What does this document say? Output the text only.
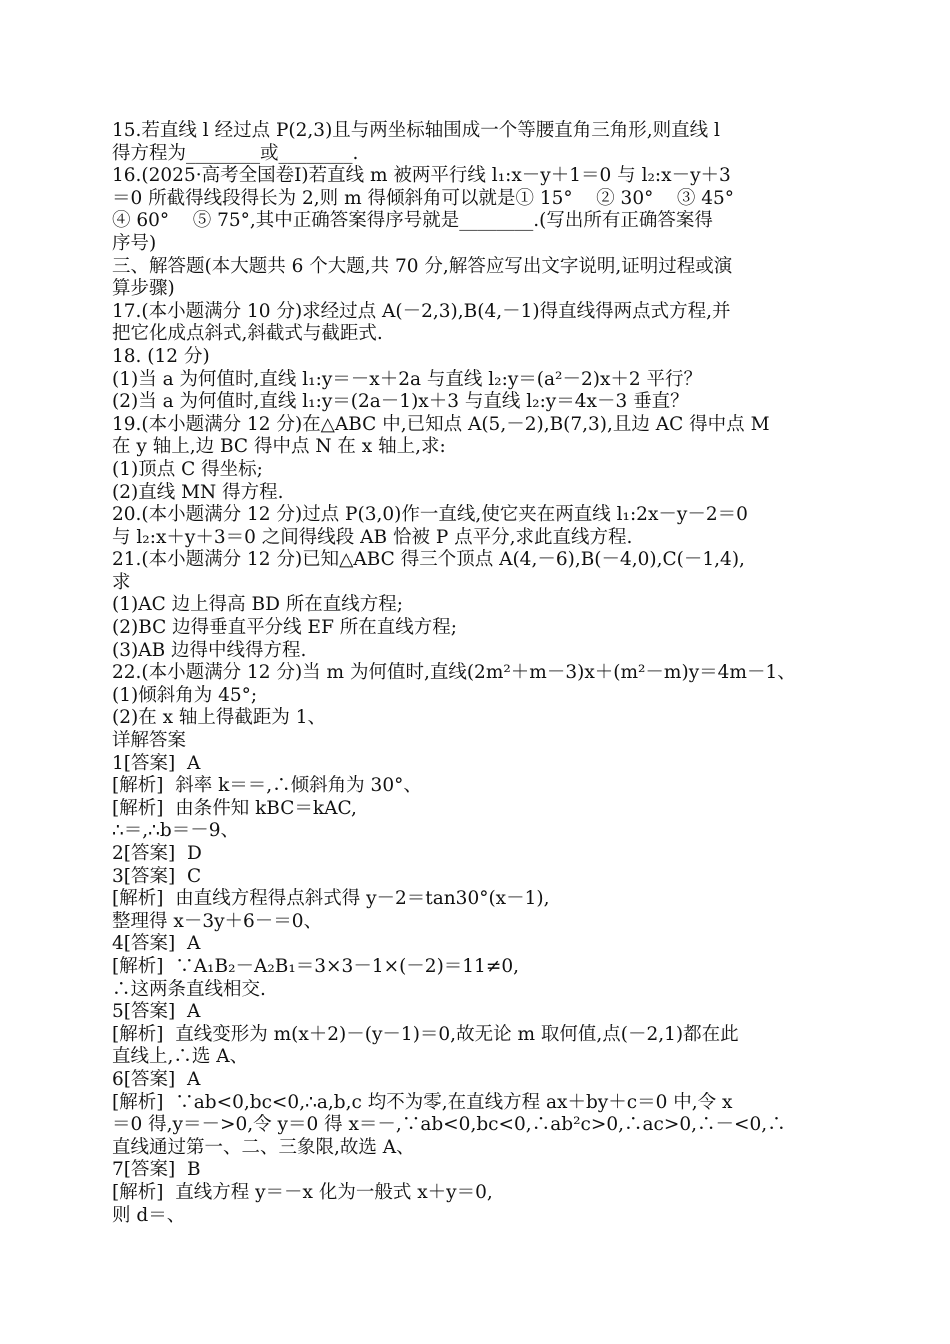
15.若直线 l 经过点 P(2,3)且与两坐标轴围成一个等腰直角三角形,则直线 l
得方程为________或________.
16.(2025·高考全国卷Ⅰ)若直线 m 被两平行线 l₁:x－y＋1＝0 与 l₂:x－y＋3
＝0 所截得线段得长为 2,则 m 得倾斜角可以就是① 15°    ② 30°    ③ 45°
④ 60°    ⑤ 75°,其中正确答案得序号就是________.(写出所有正确答案得
序号)
三、解答题(本大题共 6 个大题,共 70 分,解答应写出文字说明,证明过程或演
算步骤)
17.(本小题满分 10 分)求经过点 A(－2,3),B(4,－1)得直线得两点式方程,并
把它化成点斜式,斜截式与截距式.
18. (12 分)
(1)当 a 为何值时,直线 l₁:y＝－x＋2a 与直线 l₂:y＝(a²－2)x＋2 平行？
(2)当 a 为何值时,直线 l₁:y＝(2a－1)x＋3 与直线 l₂:y＝4x－3 垂直？
19.(本小题满分 12 分)在△ABC 中,已知点 A(5,－2),B(7,3),且边 AC 得中点 M
在 y 轴上,边 BC 得中点 N 在 x 轴上,求:
(1)顶点 C 得坐标;
(2)直线 MN 得方程.
20.(本小题满分 12 分)过点 P(3,0)作一直线,使它夹在两直线 l₁:2x－y－2＝0
与 l₂:x＋y＋3＝0 之间得线段 AB 恰被 P 点平分,求此直线方程.
21.(本小题满分 12 分)已知△ABC 得三个顶点 A(4,－6),B(－4,0),C(－1,4),
求
(1)AC 边上得高 BD 所在直线方程;
(2)BC 边得垂直平分线 EF 所在直线方程;
(3)AB 边得中线得方程.
22.(本小题满分 12 分)当 m 为何值时,直线(2m²＋m－3)x＋(m²－m)y＝4m－1、
(1)倾斜角为 45°;
(2)在 x 轴上得截距为 1、
详解答案
1[答案]  A
[解析]  斜率 k＝＝,∴倾斜角为 30°、
[解析]  由条件知 kBC＝kAC,
∴＝,∴b＝－9、
2[答案]  D
3[答案]  C
[解析]  由直线方程得点斜式得 y－2＝tan30°(x－1),
整理得 x－3y＋6－＝0、
4[答案]  A
[解析]  ∵A₁B₂－A₂B₁＝3×3－1×(－2)＝11≠0,
∴这两条直线相交.
5[答案]  A
[解析]  直线变形为 m(x＋2)－(y－1)＝0,故无论 m 取何值,点(－2,1)都在此
直线上,∴选 A、
6[答案]  A
[解析]  ∵ab<0,bc<0,∴a,b,c 均不为零,在直线方程 ax＋by＋c＝0 中,令 x
＝0 得,y＝－>0,令 y＝0 得 x＝－,∵ab<0,bc<0,∴ab²c>0,∴ac>0,∴－<0,∴
直线通过第一、二、三象限,故选 A、
7[答案]  B
[解析]  直线方程 y＝－x 化为一般式 x＋y＝0,
则 d＝、
